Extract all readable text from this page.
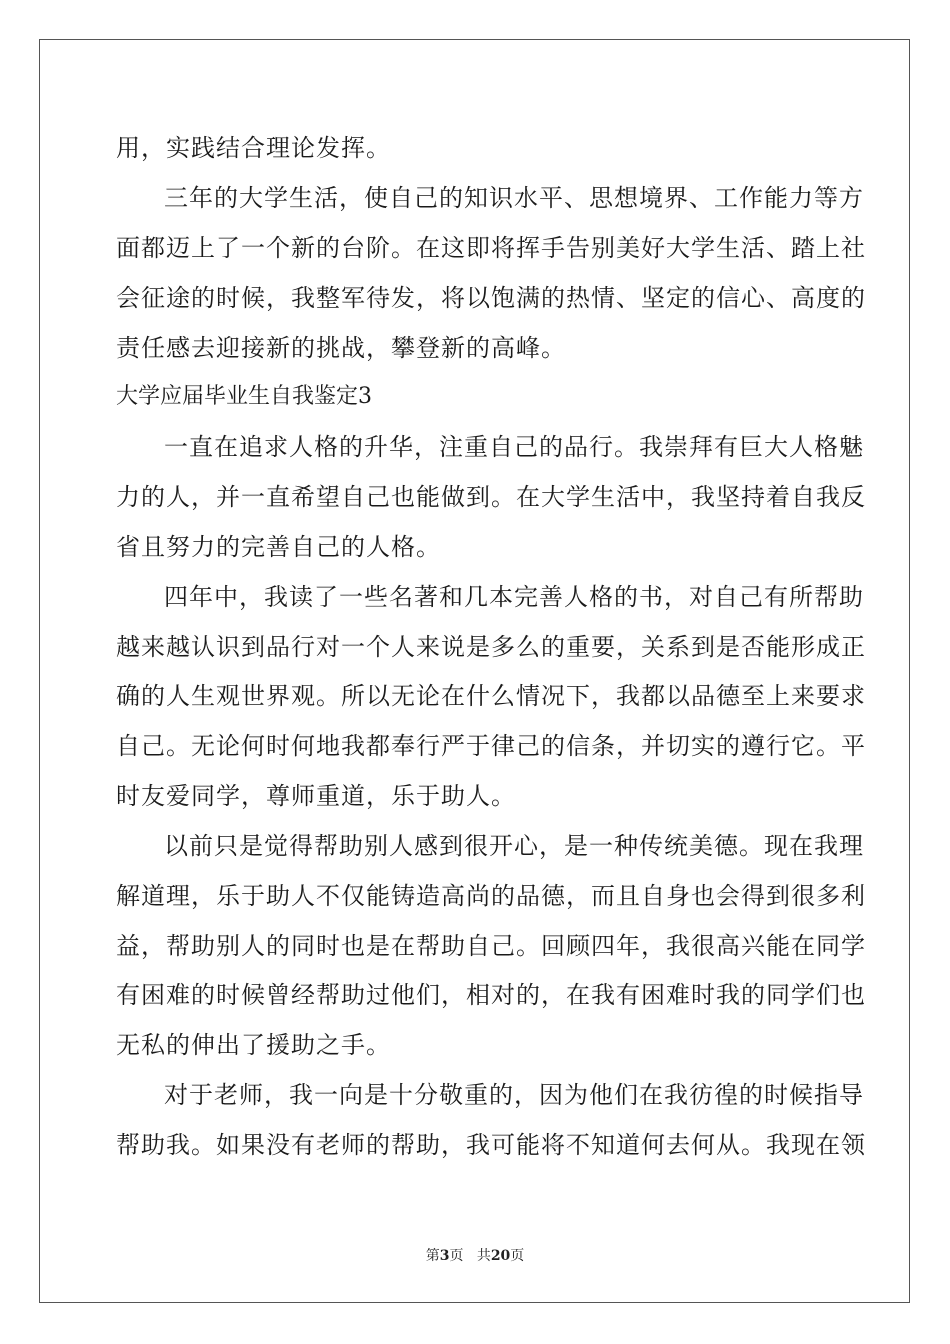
用，实践结合理论发挥。
三年的大学生活，使自己的知识水平、思想境界、工作能力等方
面都迈上了一个新的台阶。在这即将挥手告别美好大学生活、踏上社
会征途的时候，我整军待发，将以饱满的热情、坚定的信心、高度的
责任感去迎接新的挑战，攀登新的高峰。
大学应届毕业生自我鉴定3
一直在追求人格的升华，注重自己的品行。我崇拜有巨大人格魅
力的人，并一直希望自己也能做到。在大学生活中，我坚持着自我反
省且努力的完善自己的人格。
四年中，我读了一些名著和几本完善人格的书，对自己有所帮助
越来越认识到品行对一个人来说是多么的重要，关系到是否能形成正
确的人生观世界观。所以无论在什么情况下，我都以品德至上来要求
自己。无论何时何地我都奉行严于律己的信条，并切实的遵行它。平
时友爱同学，尊师重道，乐于助人。
以前只是觉得帮助别人感到很开心，是一种传统美德。现在我理
解道理，乐于助人不仅能铸造高尚的品德，而且自身也会得到很多利
益，帮助别人的同时也是在帮助自己。回顾四年，我很高兴能在同学
有困难的时候曾经帮助过他们，相对的，在我有困难时我的同学们也
无私的伸出了援助之手。
对于老师，我一向是十分敬重的，因为他们在我彷徨的时候指导
帮助我。如果没有老师的帮助，我可能将不知道何去何从。我现在领
第3页 共20页
